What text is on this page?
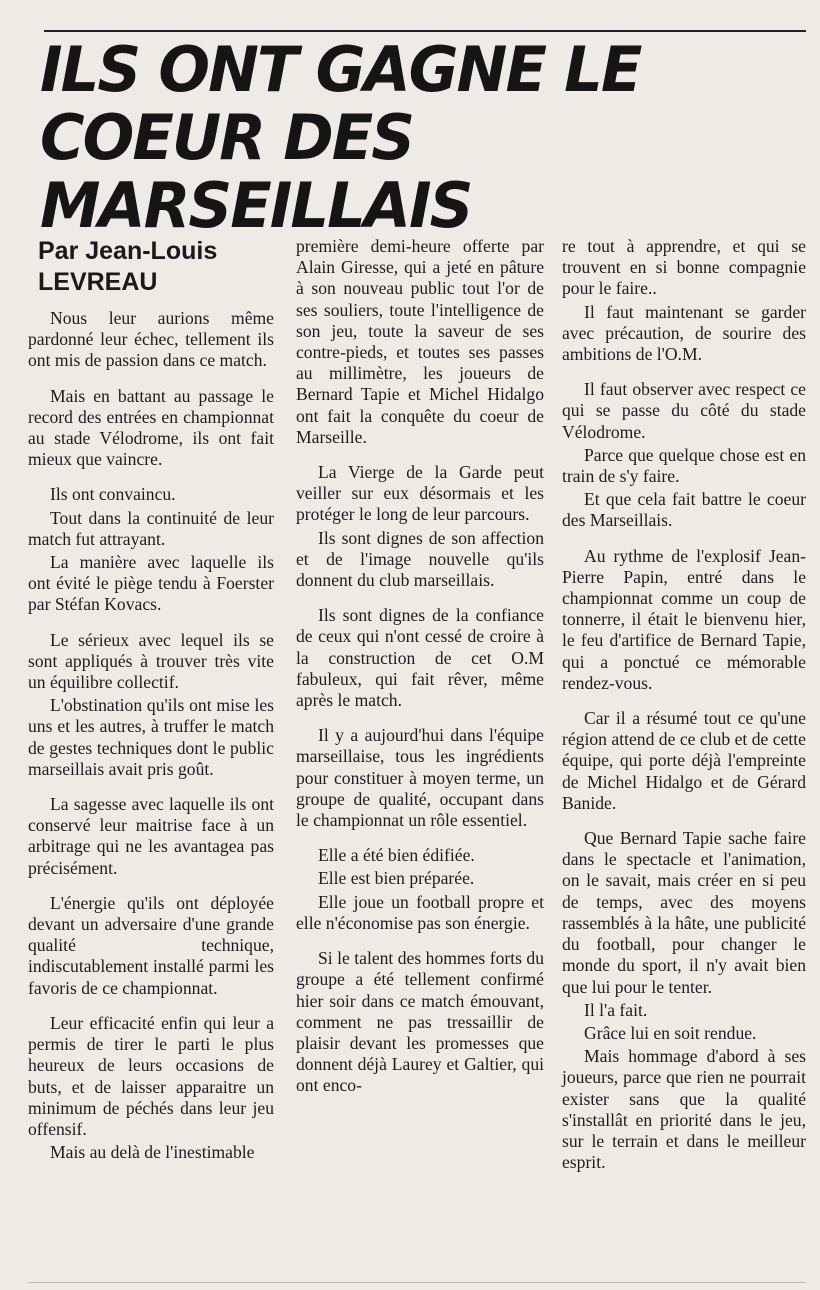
ILS ONT GAGNE LE
COEUR DES MARSEILLAIS
Par Jean-Louis
LEVREAU

Nous leur aurions même pardonné leur échec, tellement ils ont mis de passion dans ce match.

Mais en battant au passage le record des entrées en championnat au stade Vélodrome, ils ont fait mieux que vaincre.

Ils ont convaincu.

Tout dans la continuité de leur match fut attrayant.

La manière avec laquelle ils ont évité le piège tendu à Foerster par Stéfan Kovacs.

Le sérieux avec lequel ils se sont appliqués à trouver très vite un équilibre collectif.

L'obstination qu'ils ont mise les uns et les autres, à truffer le match de gestes techniques dont le public marseillais avait pris goût.

La sagesse avec laquelle ils ont conservé leur maitrise face à un arbitrage qui ne les avantagea pas précisément.

L'énergie qu'ils ont déployée devant un adversaire d'une grande qualité technique, indiscutablement installé parmi les favoris de ce championnat.

Leur efficacité enfin qui leur a permis de tirer le parti le plus heureux de leurs occasions de buts, et de laisser apparaitre un minimum de péchés dans leur jeu offensif.

Mais au delà de l'inestimable

première demi-heure offerte par Alain Giresse, qui a jeté en pâture à son nouveau public tout l'or de ses souliers, toute l'intelligence de son jeu, toute la saveur de ses contre-pieds, et toutes ses passes au millimètre, les joueurs de Bernard Tapie et Michel Hidalgo ont fait la conquête du coeur de Marseille.

La Vierge de la Garde peut veiller sur eux désormais et les protéger le long de leur parcours.

Ils sont dignes de son affection et de l'image nouvelle qu'ils donnent du club marseillais.

Ils sont dignes de la confiance de ceux qui n'ont cessé de croire à la construction de cet O.M fabuleux, qui fait rêver, même après le match.

Il y a aujourd'hui dans l'équipe marseillaise, tous les ingrédients pour constituer à moyen terme, un groupe de qualité, occupant dans le championnat un rôle essentiel.

Elle a été bien édifiée.

Elle est bien préparée.

Elle joue un football propre et elle n'économise pas son énergie.

Si le talent des hommes forts du groupe a été tellement confirmé hier soir dans ce match émouvant, comment ne pas tressaillir de plaisir devant les promesses que donnent déjà Laurey et Galtier, qui ont enco-

re tout à apprendre, et qui se trouvent en si bonne compagnie pour le faire..

Il faut maintenant se garder avec précaution, de sourire des ambitions de l'O.M.

Il faut observer avec respect ce qui se passe du côté du stade Vélodrome.

Parce que quelque chose est en train de s'y faire.

Et que cela fait battre le coeur des Marseillais.

Au rythme de l'explosif Jean-Pierre Papin, entré dans le championnat comme un coup de tonnerre, il était le bienvenu hier, le feu d'artifice de Bernard Tapie, qui a ponctué ce mémorable rendez-vous.

Car il a résumé tout ce qu'une région attend de ce club et de cette équipe, qui porte déjà l'empreinte de Michel Hidalgo et de Gérard Banide.

Que Bernard Tapie sache faire dans le spectacle et l'animation, on le savait, mais créer en si peu de temps, avec des moyens rassemblés à la hâte, une publicité du football, pour changer le monde du sport, il n'y avait bien que lui pour le tenter.

Il l'a fait.

Grâce lui en soit rendue.

Mais hommage d'abord à ses joueurs, parce que rien ne pourrait exister sans que la qualité s'installât en priorité dans le jeu, sur le terrain et dans le meilleur esprit.
